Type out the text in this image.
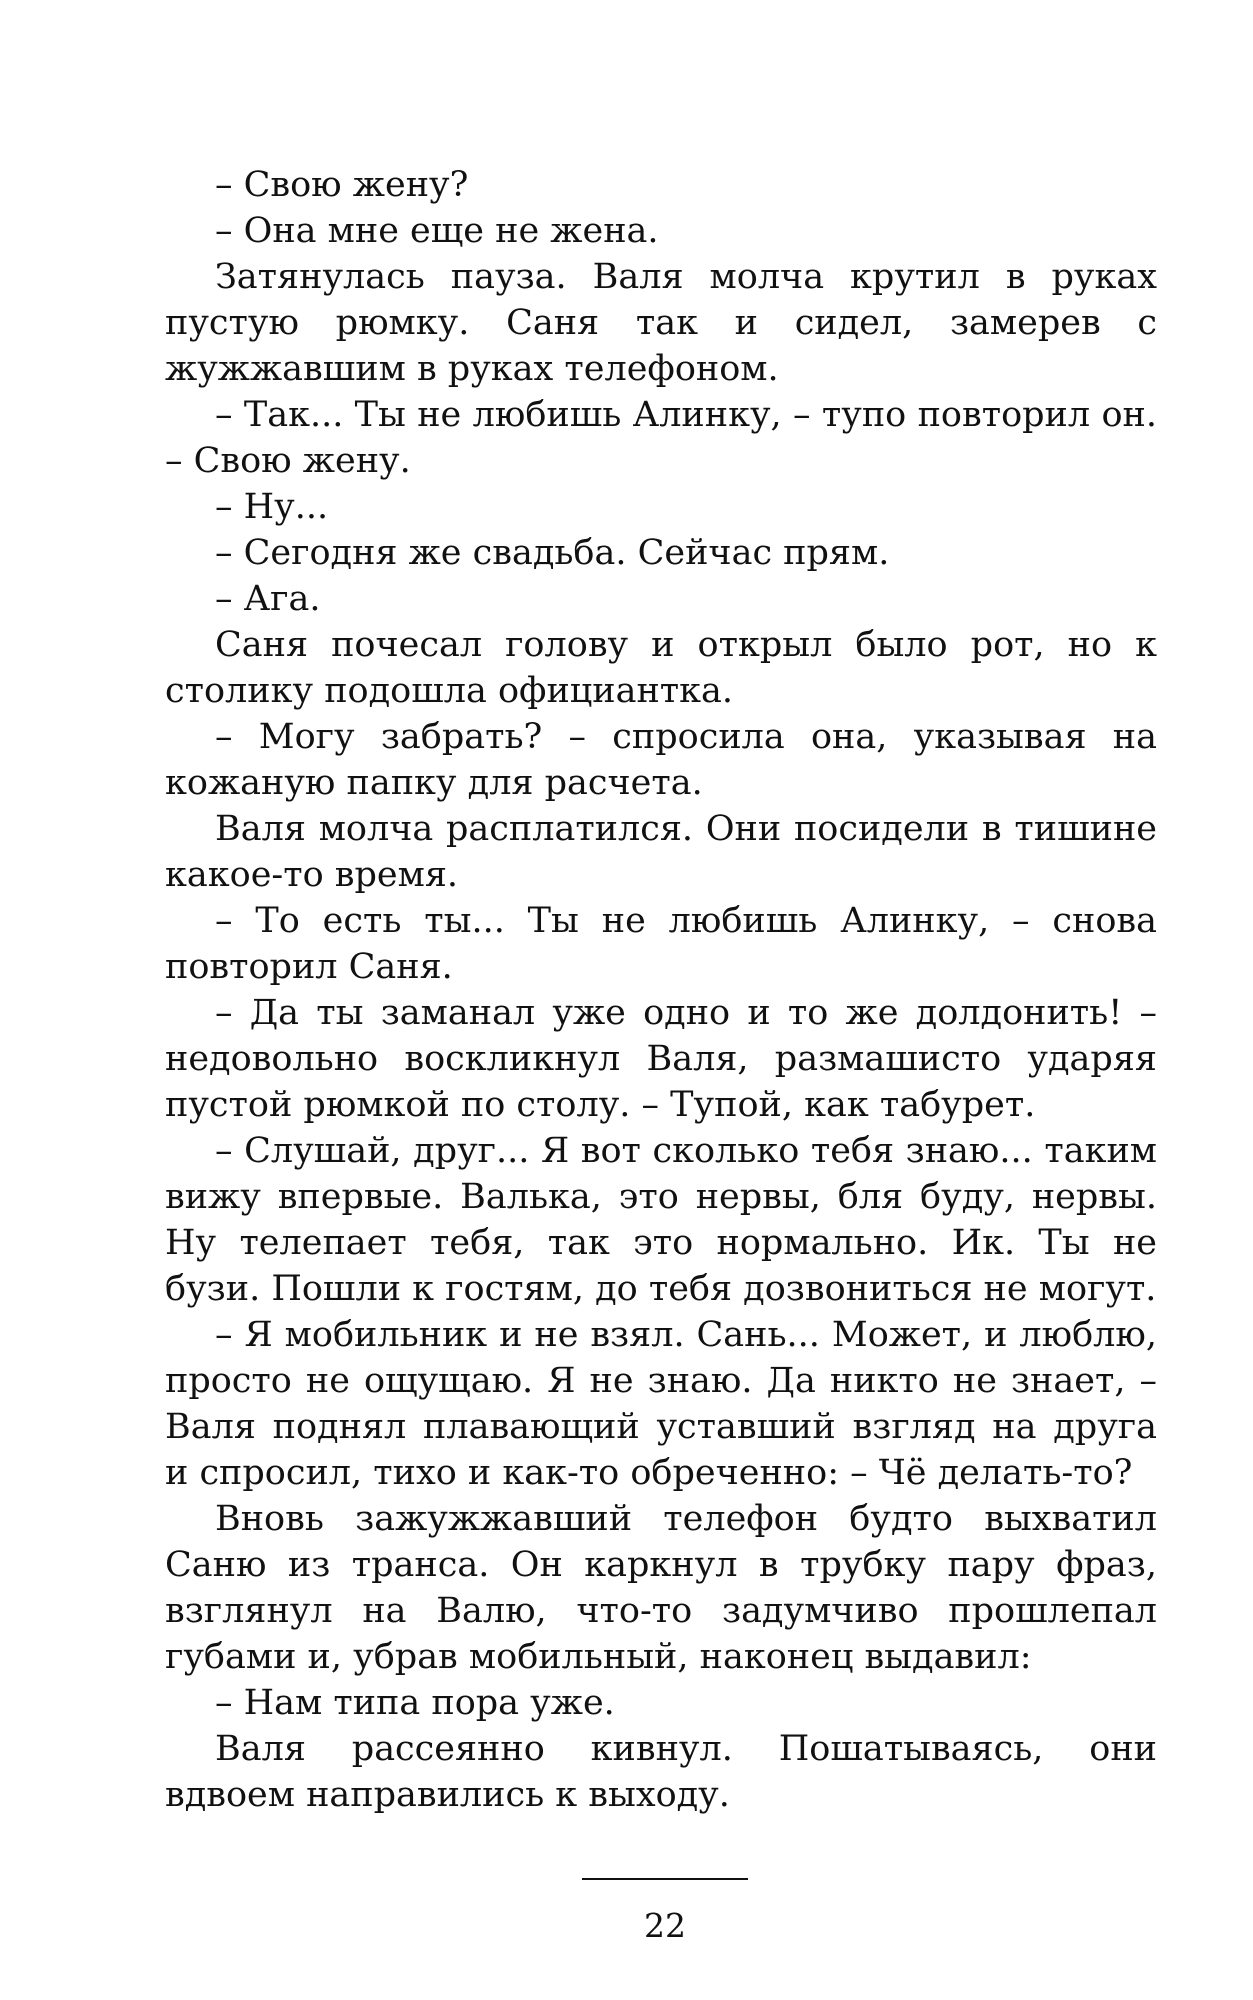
– Свою жену?

– Она мне еще не жена.

Затянулась пауза. Валя молча крутил в руках пустую рюмку. Саня так и сидел, замерев с жужжавшим в руках телефоном.

– Так... Ты не любишь Алинку, – тупо повторил он. – Свою жену.

– Ну...

– Сегодня же свадьба. Сейчас прям.

– Ага.

Саня почесал голову и открыл было рот, но к столику подошла официантка.

– Могу забрать? – спросила она, указывая на кожаную папку для расчета.

Валя молча расплатился. Они посидели в тишине какое-то время.

– То есть ты... Ты не любишь Алинку, – снова повторил Саня.

– Да ты заманал уже одно и то же долдонить! – недовольно воскликнул Валя, размашисто ударяя пустой рюмкой по столу. – Тупой, как табурет.

– Слушай, друг... Я вот сколько тебя знаю... таким вижу впервые. Валька, это нервы, бля буду, нервы. Ну телепает тебя, так это нормально. Ик. Ты не бузи. Пошли к гостям, до тебя дозвониться не могут.

– Я мобильник и не взял. Сань... Может, и люблю, просто не ощущаю. Я не знаю. Да никто не знает, – Валя поднял плавающий уставший взгляд на друга и спросил, тихо и как-то обреченно: – Чё делать-то?

Вновь зажужжавший телефон будто выхватил Саню из транса. Он каркнул в трубку пару фраз, взглянул на Валю, что-то задумчиво прошлепал губами и, убрав мобильный, наконец выдавил:

– Нам типа пора уже.

Валя рассеянно кивнул. Пошатываясь, они вдвоем направились к выходу.

22
